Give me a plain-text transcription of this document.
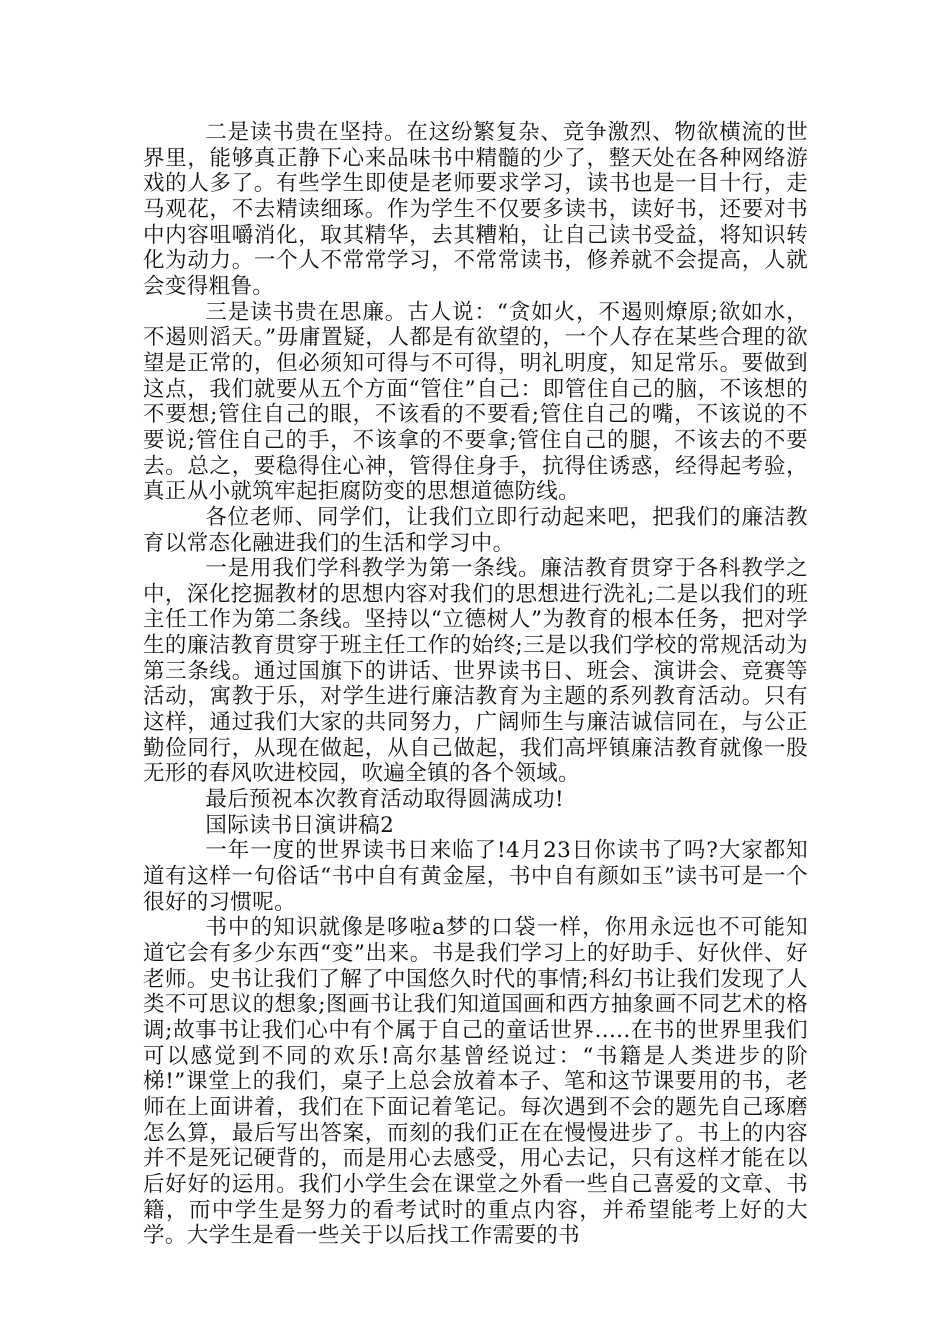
二是读书贵在坚持。在这纷繁复杂、竞争激烈、物欲横流的世界里，能够真正静下心来品味书中精髓的少了，整天处在各种网络游戏的人多了。有些学生即使是老师要求学习，读书也是一目十行，走马观花，不去精读细琢。作为学生不仅要多读书，读好书，还要对书中内容咀嚼消化，取其精华，去其糟粕，让自己读书受益，将知识转化为动力。一个人不常常学习，不常常读书，修养就不会提高，人就会变得粗鲁。

三是读书贵在思廉。古人说：“贪如火，不遏则燎原;欲如水，不遏则滔天。”毋庸置疑，人都是有欲望的，一个人存在某些合理的欲望是正常的，但必须知可得与不可得，明礼明度，知足常乐。要做到这点，我们就要从五个方面“管住”自己：即管住自己的脑，不该想的不要想;管住自己的眼，不该看的不要看;管住自己的嘴，不该说的不要说;管住自己的手，不该拿的不要拿;管住自己的腿，不该去的不要去。总之，要稳得住心神，管得住身手，抗得住诱惑，经得起考验，真正从小就筑牢起拒腐防变的思想道德防线。

各位老师、同学们，让我们立即行动起来吧，把我们的廉洁教育以常态化融进我们的生活和学习中。

一是用我们学科教学为第一条线。廉洁教育贯穿于各科教学之中，深化挖掘教材的思想内容对我们的思想进行洗礼;二是以我们的班主任工作为第二条线。坚持以“立德树人”为教育的根本任务，把对学生的廉洁教育贯穿于班主任工作的始终;三是以我们学校的常规活动为第三条线。通过国旗下的讲话、世界读书日、班会、演讲会、竞赛等活动，寓教于乐，对学生进行廉洁教育为主题的系列教育活动。只有这样，通过我们大家的共同努力，广阔师生与廉洁诚信同在，与公正勤俭同行，从现在做起，从自己做起，我们高坪镇廉洁教育就像一股无形的春风吹进校园，吹遍全镇的各个领域。

最后预祝本次教育活动取得圆满成功!

国际读书日演讲稿2

一年一度的世界读书日来临了!4月23日你读书了吗?大家都知道有这样一句俗话“书中自有黄金屋，书中自有颜如玉”读书可是一个很好的习惯呢。

书中的知识就像是哆啦a梦的口袋一样，你用永远也不可能知道它会有多少东西“变”出来。书是我们学习上的好助手、好伙伴、好老师。史书让我们了解了中国悠久时代的事情;科幻书让我们发现了人类不可思议的想象;图画书让我们知道国画和西方抽象画不同艺术的格调;故事书让我们心中有个属于自己的童话世界.....在书的世界里我们可以感觉到不同的欢乐!高尔基曾经说过：“书籍是人类进步的阶梯!”课堂上的我们，桌子上总会放着本子、笔和这节课要用的书，老师在上面讲着，我们在下面记着笔记。每次遇到不会的题先自己琢磨怎么算，最后写出答案，而刻的我们正在在慢慢进步了。书上的内容并不是死记硬背的，而是用心去感受，用心去记，只有这样才能在以后好好的运用。我们小学生会在课堂之外看一些自己喜爱的文章、书籍，而中学生是努力的看考试时的重点内容，并希望能考上好的大学。大学生是看一些关于以后找工作需要的书
